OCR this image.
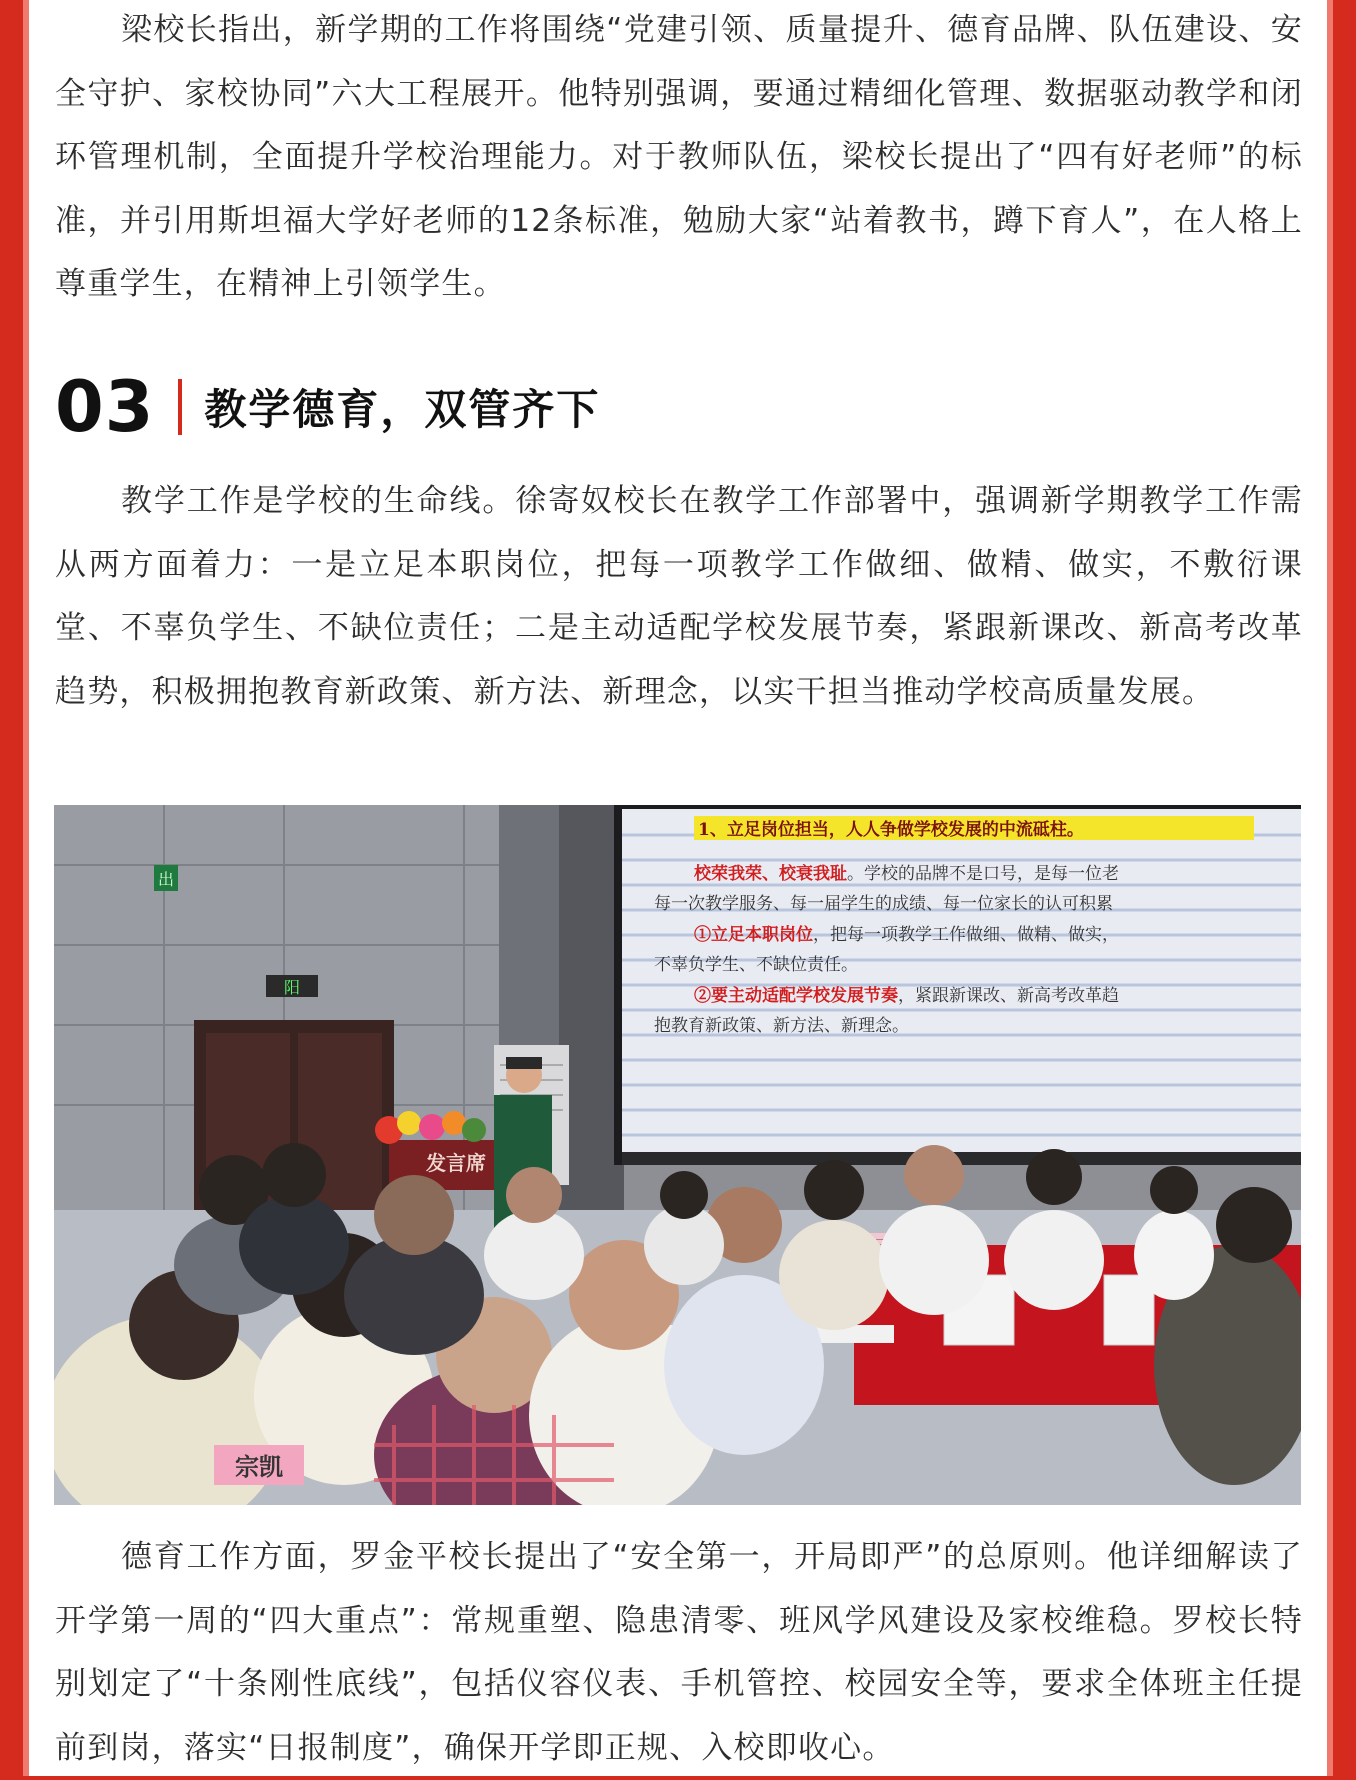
梁校长指出，新学期的工作将围绕“党建引领、质量提升、德育品牌、队伍建设、安全守护、家校协同”六大工程展开。他特别强调，要通过精细化管理、数据驱动教学和闭环管理机制，全面提升学校治理能力。对于教师队伍，梁校长提出了“四有好老师”的标准，并引用斯坦福大学好老师的12条标准，勉励大家“站着教书，蹲下育人”，在人格上尊重学生，在精神上引领学生。

03 教学德育，双管齐下

教学工作是学校的生命线。徐寄奴校长在教学工作部署中，强调新学期教学工作需从两方面着力：一是立足本职岗位，把每一项教学工作做细、做精、做实，不敷衍课堂、不辜负学生、不缺位责任；二是主动适配学校发展节奏，紧跟新课改、新高考改革趋势，积极拥抱教育新政策、新方法、新理念，以实干担当推动学校高质量发展。

出
阳
1、立足岗位担当，人人争做学校发展的中流砥柱。
校荣我荣、校衰我耻。学校的品牌不是口号，是每一位老
每一次教学服务、每一届学生的成绩、每一位家长的认可积累
①立足本职岗位，把每一项教学工作做细、做精、做实，
不辜负学生、不缺位责任。
②要主动适配学校发展节奏，紧跟新课改、新高考改革趋
抱教育新政策、新方法、新理念。
发言席
宗凯

德育工作方面，罗金平校长提出了“安全第一，开局即严”的总原则。他详细解读了开学第一周的“四大重点”：常规重塑、隐患清零、班风学风建设及家校维稳。罗校长特别划定了“十条刚性底线”，包括仪容仪表、手机管控、校园安全等，要求全体班主任提前到岗，落实“日报制度”，确保开学即正规、入校即收心。
